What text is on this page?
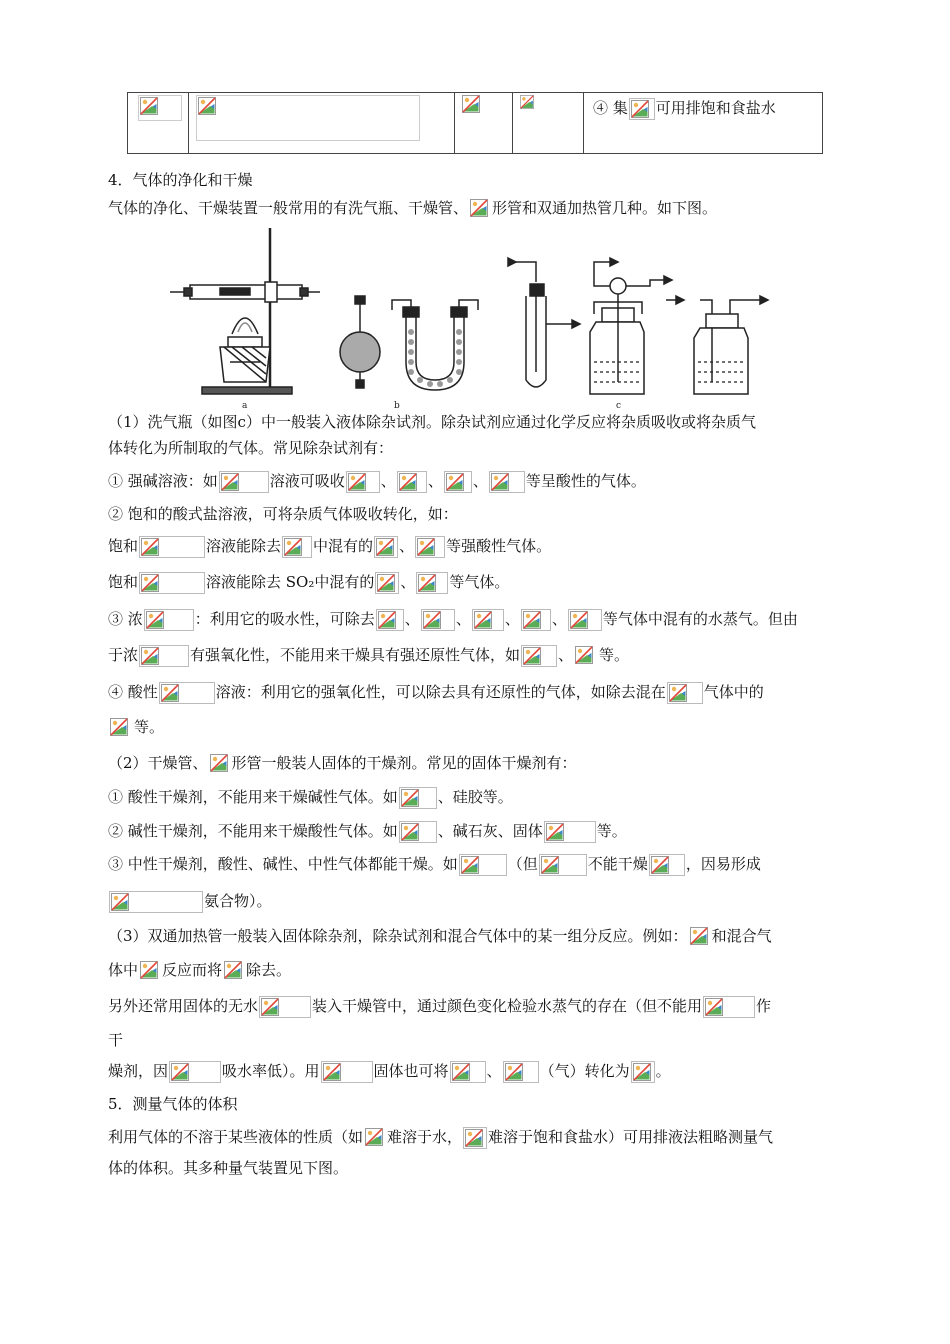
④ 集 可用排饱和食盐水
4．气体的净化和干燥
气体的净化、干燥装置一般常用的有洗气瓶、干燥管、 形管和双通加热管几种。如下图。
a	b	c
（1）洗气瓶（如图c）中一般装入液体除杂试剂。除杂试剂应通过化学反应将杂质吸收或将杂质气
体转化为所制取的气体。常见除杂试剂有：
① 强碱溶液：如	溶液可吸收 、 、 、	等呈酸性的气体。
② 饱和的酸式盐溶液，可将杂质气体吸收转化，如：
饱和	溶液能除去 中混有的 、 等强酸性气体。
饱和	溶液能除去 SO₂中混有的 、 等气体。
③ 浓	：利用它的吸水性，可除去 、 、 、 、 等气体中混有的水蒸气。但由
于浓	有强氧化性，不能用来干燥具有强还原性气体，如	、 等。
④ 酸性	溶液：利用它的强氧化性，可以除去具有还原性的气体，如除去混在	气体中的
等。
（2）干燥管、 形管一般装人固体的干燥剂。常见的固体干燥剂有：
① 酸性干燥剂，不能用来干燥碱性气体。如	、硅胶等。
② 碱性干燥剂，不能用来干燥酸性气体。如	、碱石灰、固体	等。
③ 中性干燥剂，酸性、碱性、中性气体都能干燥。如	（但	不能干燥	，因易形成
氨合物）。
（3）双通加热管一般装入固体除杂剂，除杂试剂和混合气体中的某一组分反应。例如： 和混合气
体中 反应而将 除去。
另外还常用固体的无水	装入干燥管中，通过颜色变化检验水蒸气的存在（但不能用	作
干
燥剂，因	吸水率低）。用	固体也可将	、	（气）转化为 。
5．测量气体的体积
利用气体的不溶于某些液体的性质（如 难溶于水， 难溶于饱和食盐水）可用排液法粗略测量气
体的体积。其多种量气装置见下图。
